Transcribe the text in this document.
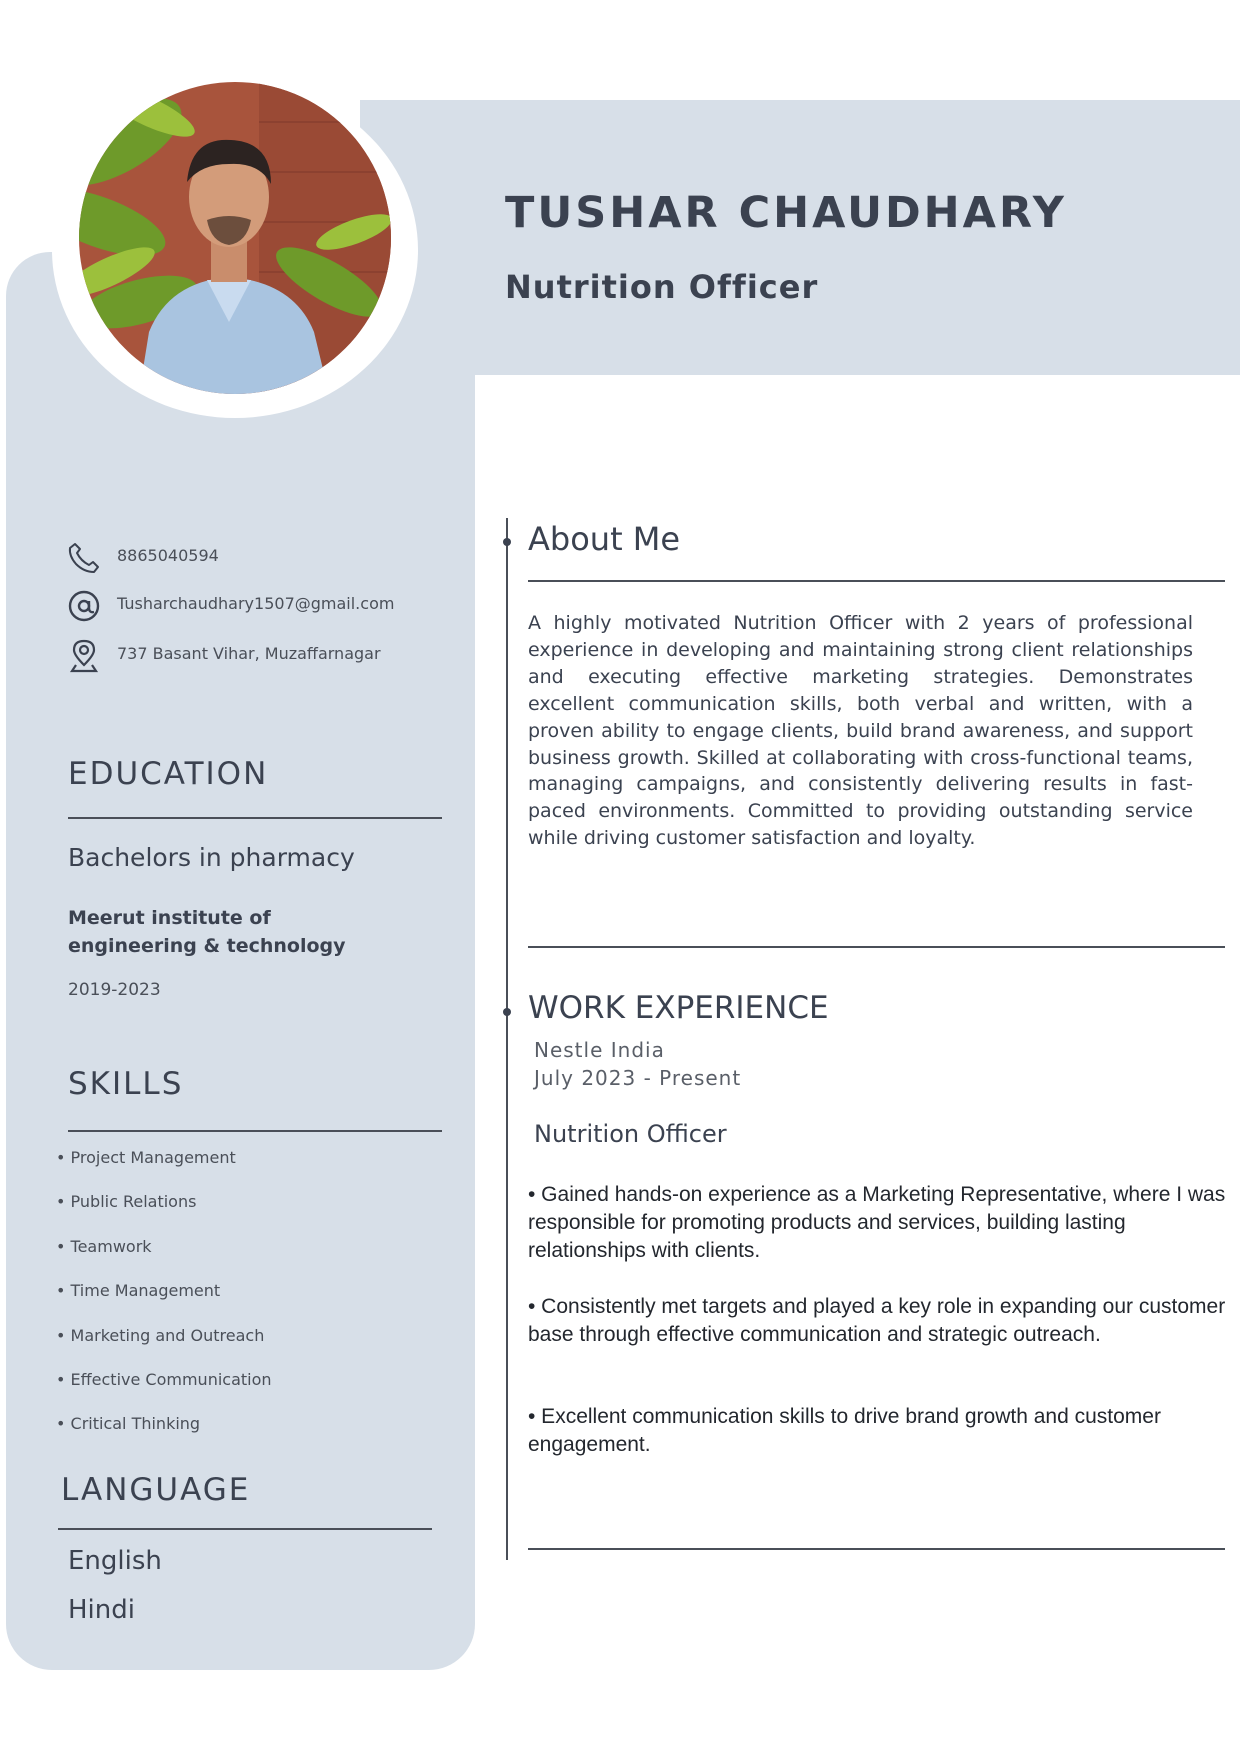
TUSHAR CHAUDHARY
Nutrition Officer
8865040594
Tusharchaudhary1507@gmail.com
737 Basant Vihar, Muzaffarnagar
EDUCATION
Bachelors in pharmacy
Meerut institute of engineering & technology
2019-2023
SKILLS
• Project Management
• Public Relations
• Teamwork
• Time Management
• Marketing and Outreach
• Effective Communication
• Critical Thinking
LANGUAGE
English
Hindi
About Me

A highly motivated Nutrition Officer with 2 years of professional experience in developing and maintaining strong client relationships and executing effective marketing strategies. Demonstrates excellent communication skills, both verbal and written, with a proven ability to engage clients, build brand awareness, and support business growth. Skilled at collaborating with cross-functional teams, managing campaigns, and consistently delivering results in fast-paced environments. Committed to providing outstanding service while driving customer satisfaction and loyalty.

WORK EXPERIENCE
Nestle India
July 2023 - Present
Nutrition Officer

• Gained hands-on experience as a Marketing Representative, where I was responsible for promoting products and services, building lasting relationships with clients.

• Consistently met targets and played a key role in expanding our customer base through effective communication and strategic outreach.

• Excellent communication skills to drive brand growth and customer engagement.
